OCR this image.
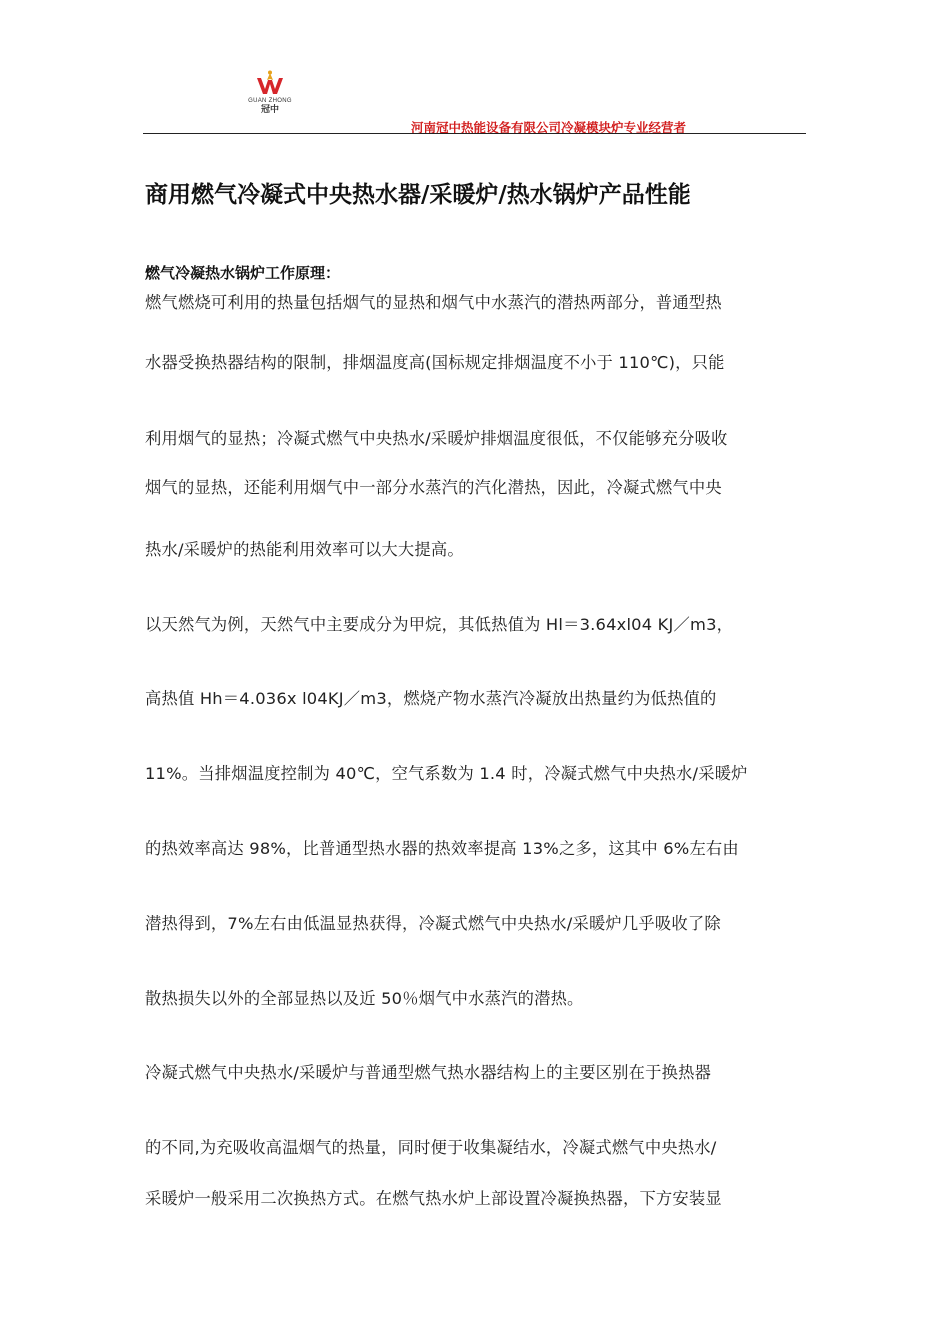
GUAN ZHONG
冠中
河南冠中热能设备有限公司冷凝模块炉专业经营者
商用燃气冷凝式中央热水器/采暖炉/热水锅炉产品性能
燃气冷凝热水锅炉工作原理：
燃气燃烧可利用的热量包括烟气的显热和烟气中水蒸汽的潜热两部分，普通型热
水器受换热器结构的限制，排烟温度高(国标规定排烟温度不小于 110℃)，只能
利用烟气的显热；冷凝式燃气中央热水/采暖炉排烟温度很低，不仅能够充分吸收
烟气的显热，还能利用烟气中一部分水蒸汽的汽化潜热，因此，冷凝式燃气中央
热水/采暖炉的热能利用效率可以大大提高。
以天然气为例，天然气中主要成分为甲烷，其低热值为 Hl＝3.64xl04 KJ／m3，
高热值 Hh＝4.036x l04KJ／m3，燃烧产物水蒸汽冷凝放出热量约为低热值的
11%。当排烟温度控制为 40℃，空气系数为 1.4 时，冷凝式燃气中央热水/采暖炉
的热效率高达 98%，比普通型热水器的热效率提高 13%之多，这其中 6%左右由
潜热得到，7%左右由低温显热获得，冷凝式燃气中央热水/采暖炉几乎吸收了除
散热损失以外的全部显热以及近 50％烟气中水蒸汽的潜热。
冷凝式燃气中央热水/采暖炉与普通型燃气热水器结构上的主要区别在于换热器
的不同,为充吸收高温烟气的热量，同时便于收集凝结水，冷凝式燃气中央热水/
采暖炉一般采用二次换热方式。在燃气热水炉上部设置冷凝换热器，下方安装显
